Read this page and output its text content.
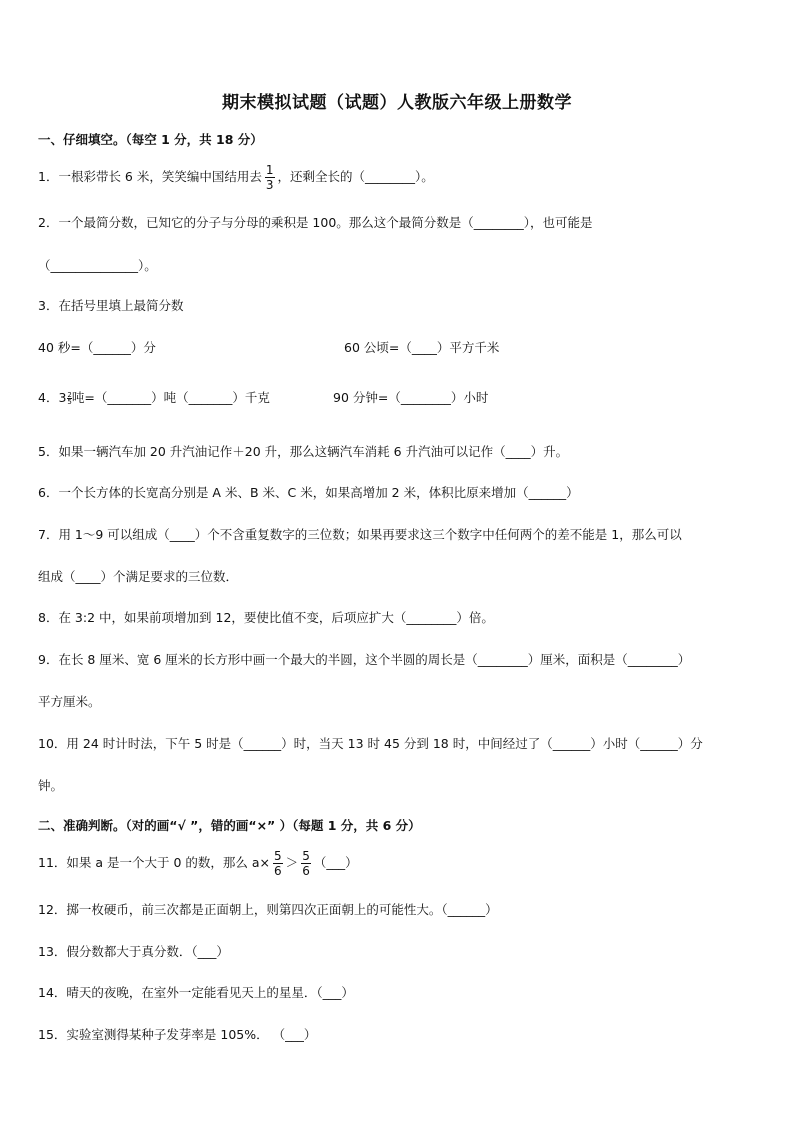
期末模拟试题（试题）人教版六年级上册数学
一、仔细填空。（每空 1 分，共 18 分）
1．一根彩带长 6 米，笑笑编中国结用去 $\frac{1}{3}$ ，还剩全长的（________）。
2．一个最简分数，已知它的分子与分母的乘积是 100。那么这个最简分数是（________），也可能是
（______________）。
3．在括号里填上最简分数
40 秒=（______）分	60 公顷=（____）平方千米
4．$3 \frac{2}{5}$ 吨=（_______）吨（_______）千克	90 分钟=（________）小时
5．如果一辆汽车加 20 升汽油记作＋20 升，那么这辆汽车消耗 6 升汽油可以记作（____）升。
6．一个长方体的长宽高分别是 A 米、B 米、C 米，如果高增加 2 米，体积比原来增加（______）
7．用 1～9 可以组成（____）个不含重复数字的三位数；如果再要求这三个数字中任何两个的差不能是 1，那么可以
组成（____）个满足要求的三位数．
8．在 3:2 中，如果前项增加到 12，要使比值不变，后项应扩大（________）倍。
9．在长 8 厘米、宽 6 厘米的长方形中画一个最大的半圆，这个半圆的周长是（________）厘米，面积是（________）
平方厘米。
10．用 24 时计时法，下午 5 时是（______）时，当天 13 时 45 分到 18 时，中间经过了（______）小时（______）分
钟。
二、准确判断。（对的画“√ ”，错的画“×” ）（每题 1 分，共 6 分）
11．如果 a 是一个大于 0 的数，那么 $a\times \frac{5}{6} > \frac{5}{6}$ （___）
12．掷一枚硬币，前三次都是正面朝上，则第四次正面朝上的可能性大。（______）
13．假分数都大于真分数．（___）
14．晴天的夜晚，在室外一定能看见天上的星星．（___）
15．实验室测得某种子发芽率是 105%． （___）
